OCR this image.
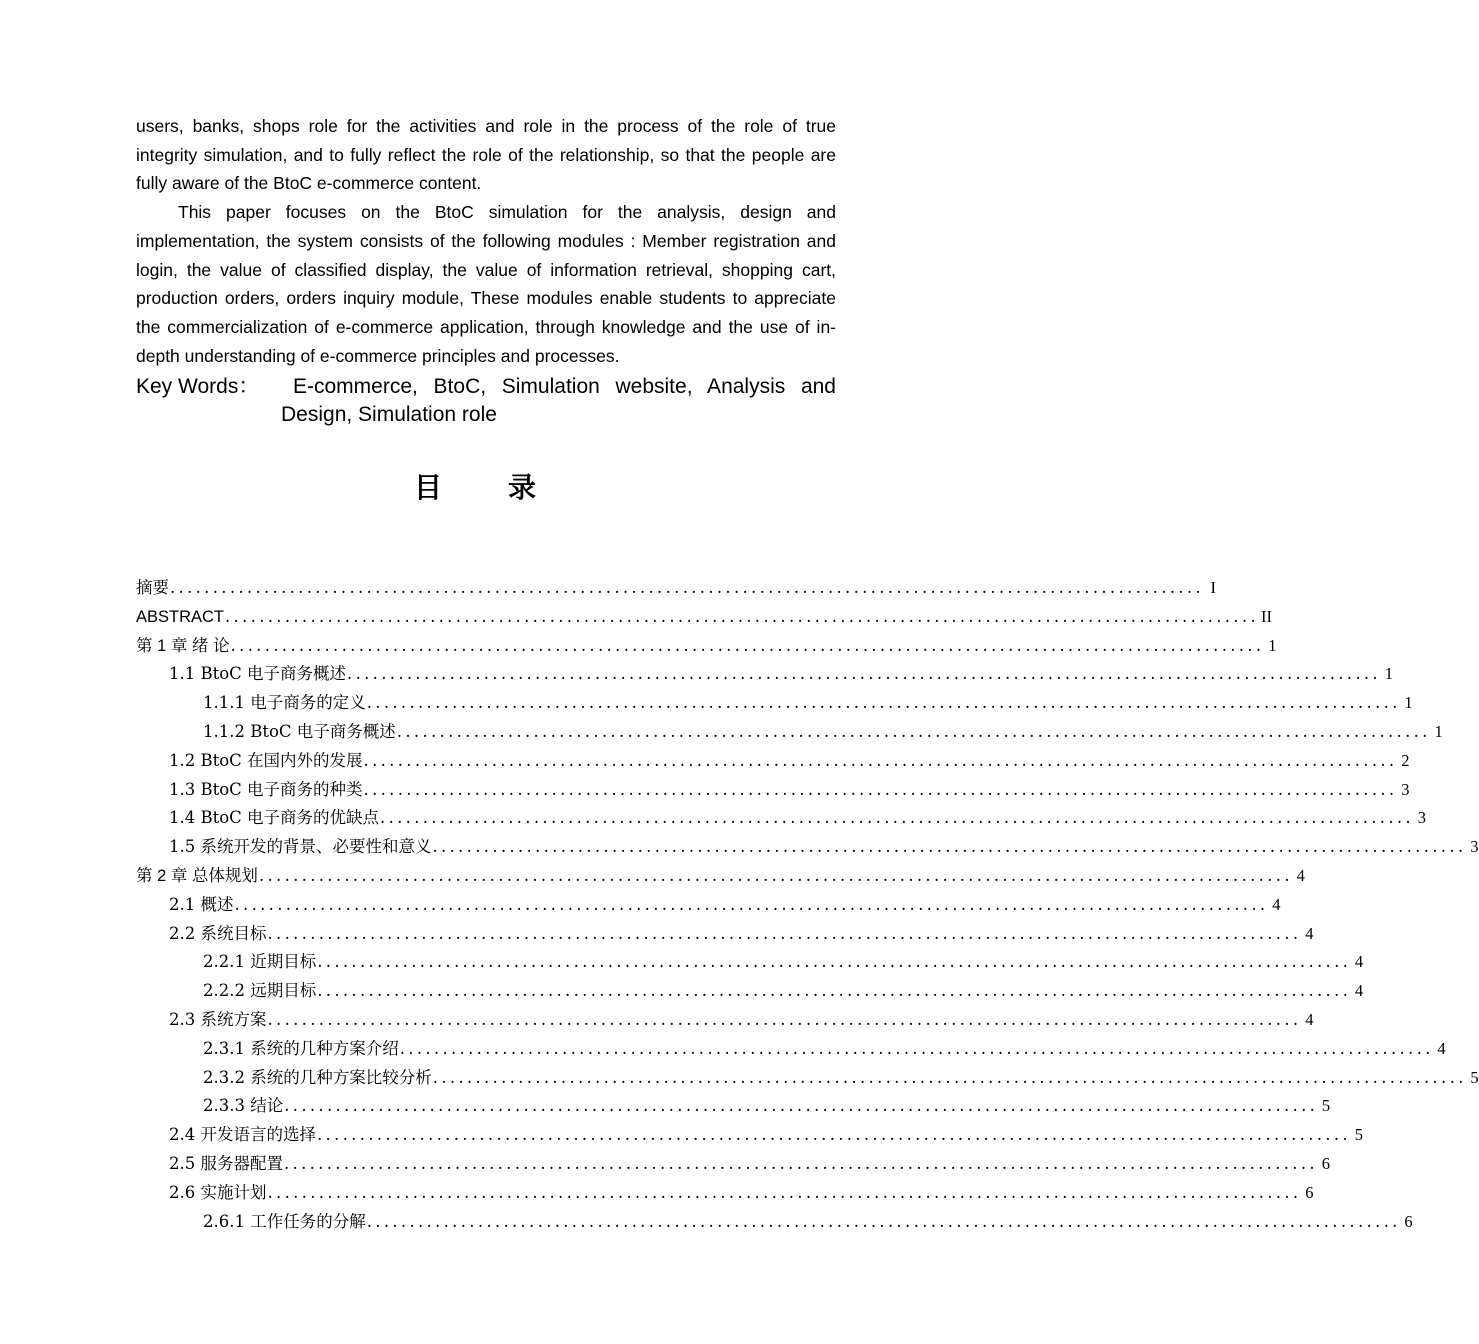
users, banks, shops role for the activities and role in the process of the role of true integrity simulation, and to fully reflect the role of the relationship, so that the people are fully aware of the BtoC e-commerce content.

This paper focuses on the BtoC simulation for the analysis, design and implementation, the system consists of the following modules : Member registration and login, the value of classified display, the value of information retrieval, shopping cart, production orders, orders inquiry module, These modules enable students to appreciate the commercialization of e-commerce application, through knowledge and the use of in-depth understanding of e-commerce principles and processes.

Key Words：	E-commerce, BtoC, Simulation website, Analysis and
Design, Simulation role
目录
摘要 ......................................................................................................................... I
ABSTRACT ......................................................................................................................... II
第 1 章 绪 论 ......................................................................................................................... 1
1.1 BtoC 电子商务概述 ......................................................................................................................... 1
1.1.1 电子商务的定义 ......................................................................................................................... 1
1.1.2 BtoC 电子商务概述 ......................................................................................................................... 1
1.2 BtoC 在国内外的发展 ......................................................................................................................... 2
1.3 BtoC 电子商务的种类 ......................................................................................................................... 3
1.4 BtoC 电子商务的优缺点 ......................................................................................................................... 3
1.5 系统开发的背景、必要性和意义 ......................................................................................................................... 3
第 2 章 总体规划 ......................................................................................................................... 4
2.1 概述 ......................................................................................................................... 4
2.2 系统目标 ......................................................................................................................... 4
2.2.1 近期目标 ......................................................................................................................... 4
2.2.2 远期目标 ......................................................................................................................... 4
2.3 系统方案 ......................................................................................................................... 4
2.3.1 系统的几种方案介绍 ......................................................................................................................... 4
2.3.2 系统的几种方案比较分析 ......................................................................................................................... 5
2.3.3 结论 ......................................................................................................................... 5
2.4 开发语言的选择 ......................................................................................................................... 5
2.5 服务器配置 ......................................................................................................................... 6
2.6 实施计划 ......................................................................................................................... 6
2.6.1 工作任务的分解 ......................................................................................................................... 6
